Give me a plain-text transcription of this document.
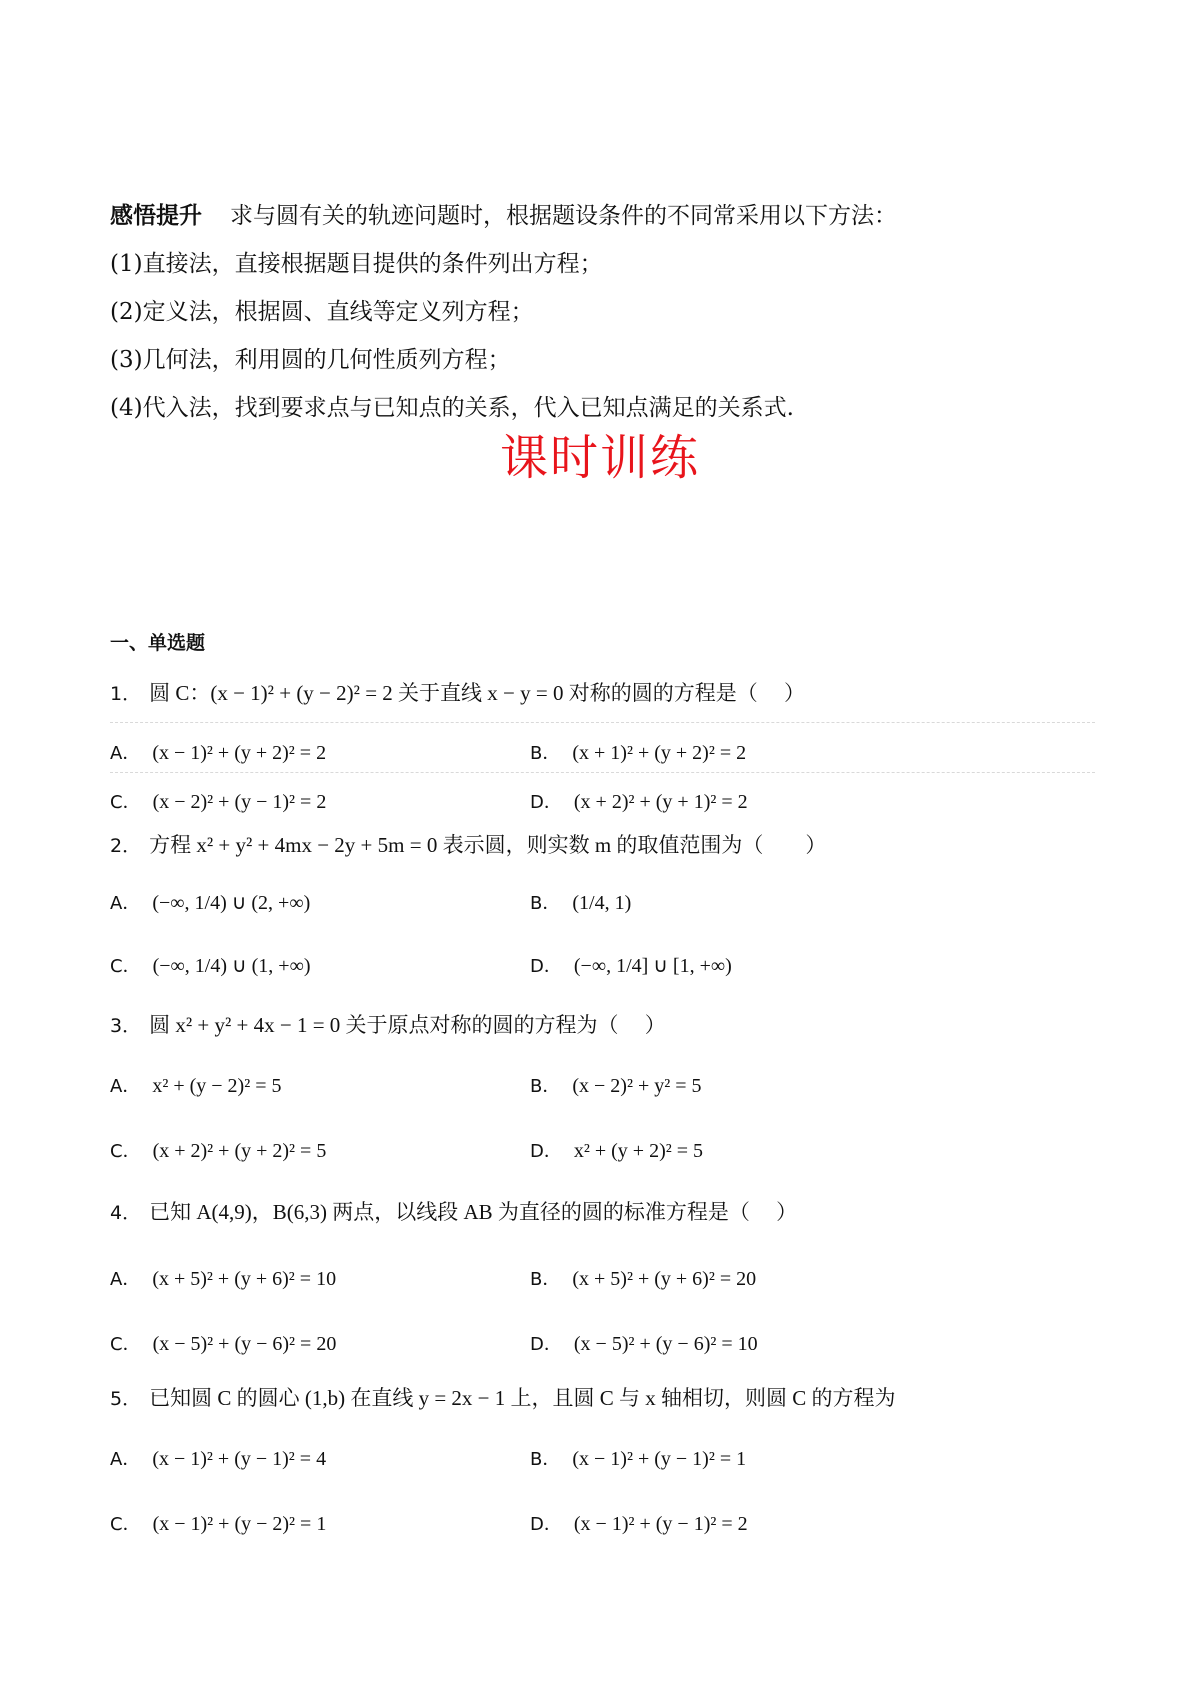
感悟提升 求与圆有关的轨迹问题时，根据题设条件的不同常采用以下方法：
(1)直接法，直接根据题目提供的条件列出方程；
(2)定义法，根据圆、直线等定义列方程；
(3)几何法，利用圆的几何性质列方程；
(4)代入法，找到要求点与已知点的关系，代入已知点满足的关系式.
课时训练
一、单选题
1． 圆 C：(x − 1)² + (y − 2)² = 2 关于直线 x − y = 0 对称的圆的方程是（　 ）
A． (x − 1)² + (y + 2)² = 2	B． (x + 1)² + (y + 2)² = 2
C． (x − 2)² + (y − 1)² = 2	D． (x + 2)² + (y + 1)² = 2
2． 方程 x² + y² + 4mx − 2y + 5m = 0 表示圆，则实数 m 的取值范围为（　　）
A． (−∞, 1/4) ∪ (2, +∞)	B． (1/4, 1)
C． (−∞, 1/4) ∪ (1, +∞)	D． (−∞, 1/4] ∪ [1, +∞)
3． 圆 x² + y² + 4x − 1 = 0 关于原点对称的圆的方程为（　 ）
A． x² + (y − 2)² = 5	B． (x − 2)² + y² = 5
C． (x + 2)² + (y + 2)² = 5	D． x² + (y + 2)² = 5
4． 已知 A(4,9)，B(6,3) 两点，以线段 AB 为直径的圆的标准方程是（　 ）
A． (x + 5)² + (y + 6)² = 10	B． (x + 5)² + (y + 6)² = 20
C． (x − 5)² + (y − 6)² = 20	D． (x − 5)² + (y − 6)² = 10
5． 已知圆 C 的圆心 (1,b) 在直线 y = 2x − 1 上，且圆 C 与 x 轴相切，则圆 C 的方程为
A． (x − 1)² + (y − 1)² = 4	B． (x − 1)² + (y − 1)² = 1
C． (x − 1)² + (y − 2)² = 1	D． (x − 1)² + (y − 1)² = 2
